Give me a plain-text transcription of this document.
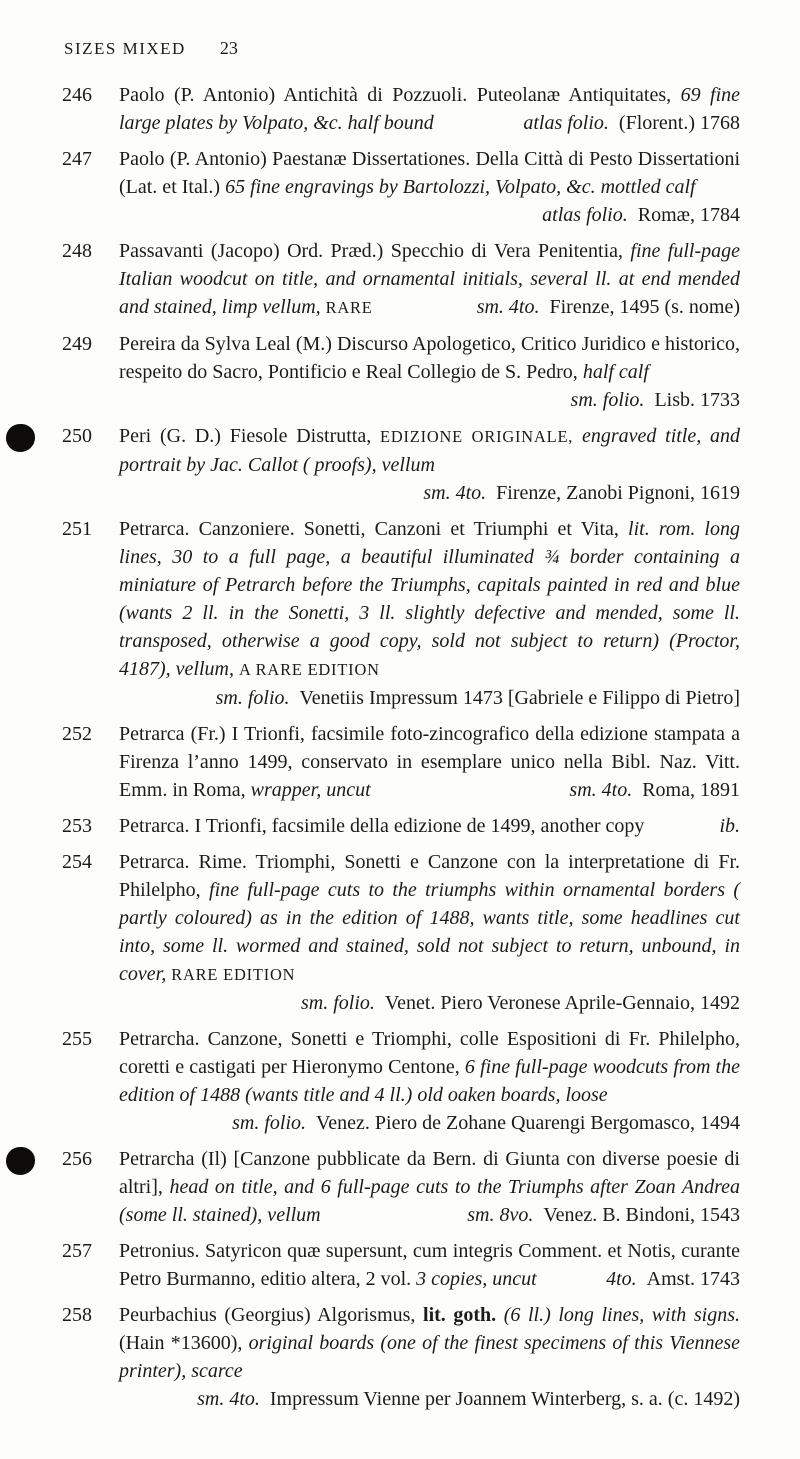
SIZES MIXED 23
246	Paolo (P. Antonio) Antichità di Pozzuoli. Puteolanæ Antiquitates, 69 fine large plates by Volpato, &c. half bound	atlas folio. (Florent.) 1768
247	Paolo (P. Antonio) Paestanæ Dissertationes. Della Città di Pesto Dissertationi (Lat. et Ital.) 65 fine engravings by Bartolozzi, Volpato, &c. mottled calf
atlas folio. Romæ, 1784
248	Passavanti (Jacopo) Ord. Præd.) Specchio di Vera Penitentia, fine full-page Italian woodcut on title, and ornamental initials, several ll. at end mended and stained, limp vellum, RARE	sm. 4to. Firenze, 1495 (s. nome)
249	Pereira da Sylva Leal (M.) Discurso Apologetico, Critico Juridico e historico, respeito do Sacro, Pontificio e Real Collegio de S. Pedro, half calf
sm. folio. Lisb. 1733
250	Peri (G. D.) Fiesole Distrutta, EDIZIONE ORIGINALE, engraved title, and portrait by Jac. Callot ( proofs), vellum
sm. 4to. Firenze, Zanobi Pignoni, 1619
251	Petrarca. Canzoniere. Sonetti, Canzoni et Triumphi et Vita, lit. rom. long lines, 30 to a full page, a beautiful illuminated ¾ border containing a miniature of Petrarch before the Triumphs, capitals painted in red and blue (wants 2 ll. in the Sonetti, 3 ll. slightly defective and mended, some ll. transposed, otherwise a good copy, sold not subject to return) (Proctor, 4187), vellum, A RARE EDITION
sm. folio. Venetiis Impressum 1473 [Gabriele e Filippo di Pietro]
252	Petrarca (Fr.) I Trionfi, facsimile foto-zincografico della edizione stampata a Firenza l’anno 1499, conservato in esemplare unico nella Bibl. Naz. Vitt. Emm. in Roma, wrapper, uncut	sm. 4to. Roma, 1891
253	Petrarca. I Trionfi, facsimile della edizione de 1499, another copy	ib.
254	Petrarca. Rime. Triomphi, Sonetti e Canzone con la interpretatione di Fr. Philelpho, fine full-page cuts to the triumphs within ornamental borders ( partly coloured) as in the edition of 1488, wants title, some headlines cut into, some ll. wormed and stained, sold not subject to return, unbound, in cover, RARE EDITION
sm. folio. Venet. Piero Veronese Aprile-Gennaio, 1492
255	Petrarcha. Canzone, Sonetti e Triomphi, colle Espositioni di Fr. Philelpho, coretti e castigati per Hieronymo Centone, 6 fine full-page woodcuts from the edition of 1488 (wants title and 4 ll.) old oaken boards, loose
sm. folio. Venez. Piero de Zohane Quarengi Bergomasco, 1494
256	Petrarcha (Il) [Canzone pubblicate da Bern. di Giunta con diverse poesie di altri], head on title, and 6 full-page cuts to the Triumphs after Zoan Andrea (some ll. stained), vellum	sm. 8vo. Venez. B. Bindoni, 1543
257	Petronius. Satyricon quæ supersunt, cum integris Comment. et Notis, curante Petro Burmanno, editio altera, 2 vol. 3 copies, uncut	4to. Amst. 1743
258	Peurbachius (Georgius) Algorismus, lit. goth. (6 ll.) long lines, with signs. (Hain *13600), original boards (one of the finest specimens of this Viennese printer), scarce
sm. 4to. Impressum Vienne per Joannem Winterberg, s. a. (c. 1492)
